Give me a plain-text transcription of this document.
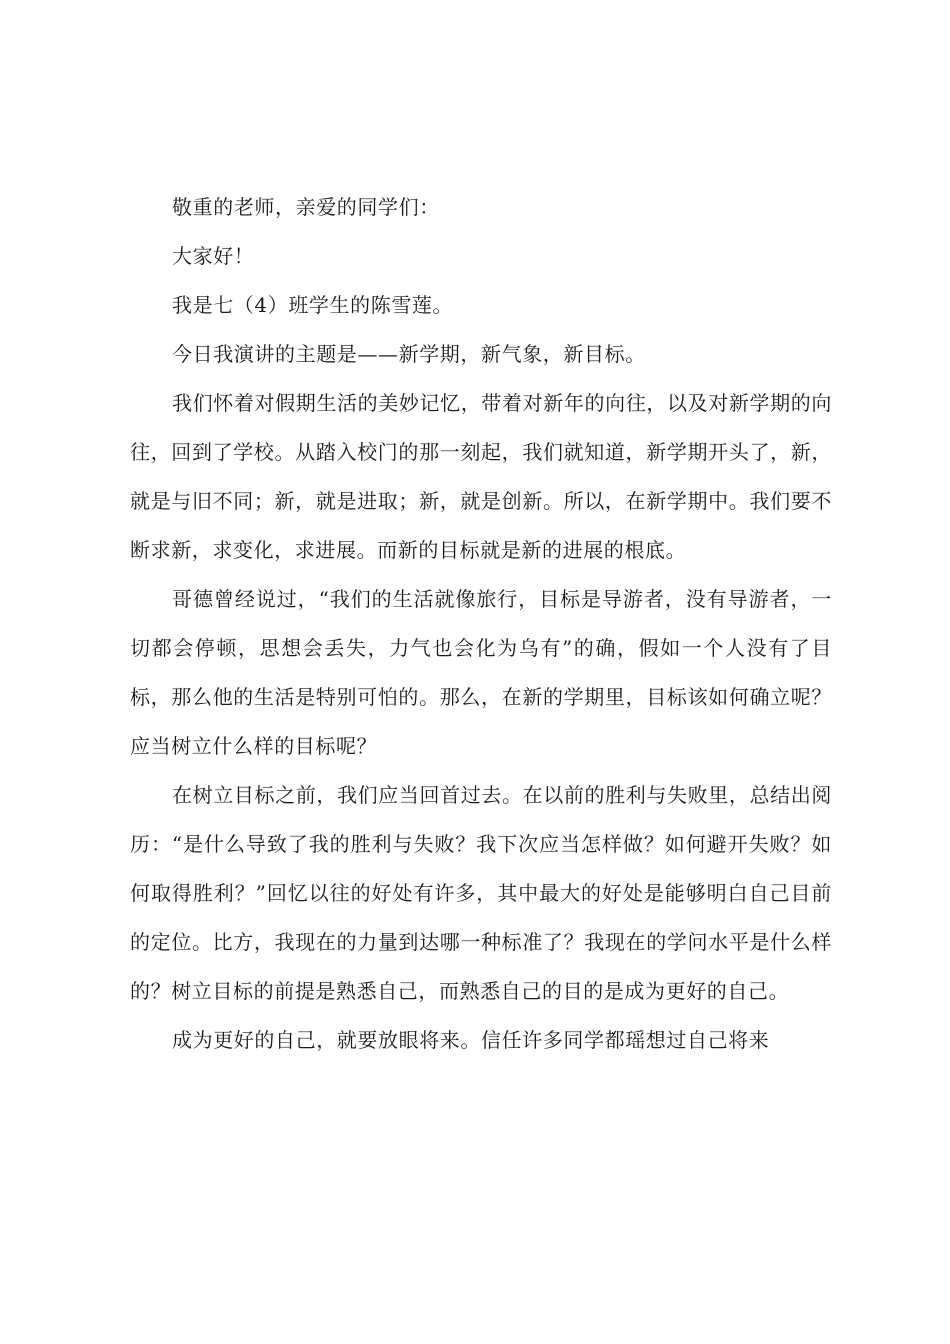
敬重的老师，亲爱的同学们：

大家好！

我是七（4）班学生的陈雪莲。

今日我演讲的主题是——新学期，新气象，新目标。

我们怀着对假期生活的美妙记忆，带着对新年的向往，以及对新学期的向往，回到了学校。从踏入校门的那一刻起，我们就知道，新学期开头了，新，就是与旧不同；新，就是进取；新，就是创新。所以，在新学期中。我们要不断求新，求变化，求进展。而新的目标就是新的进展的根底。

哥德曾经说过，“我们的生活就像旅行，目标是导游者，没有导游者，一切都会停顿，思想会丢失，力气也会化为乌有”的确，假如一个人没有了目标，那么他的生活是特别可怕的。那么，在新的学期里，目标该如何确立呢？应当树立什么样的目标呢？

在树立目标之前，我们应当回首过去。在以前的胜利与失败里，总结出阅历：“是什么导致了我的胜利与失败？我下次应当怎样做？如何避开失败？如何取得胜利？”回忆以往的好处有许多，其中最大的好处是能够明白自己目前的定位。比方，我现在的力量到达哪一种标准了？我现在的学问水平是什么样的？树立目标的前提是熟悉自己，而熟悉自己的目的是成为更好的自己。

成为更好的自己，就要放眼将来。信任许多同学都瑶想过自己将来
